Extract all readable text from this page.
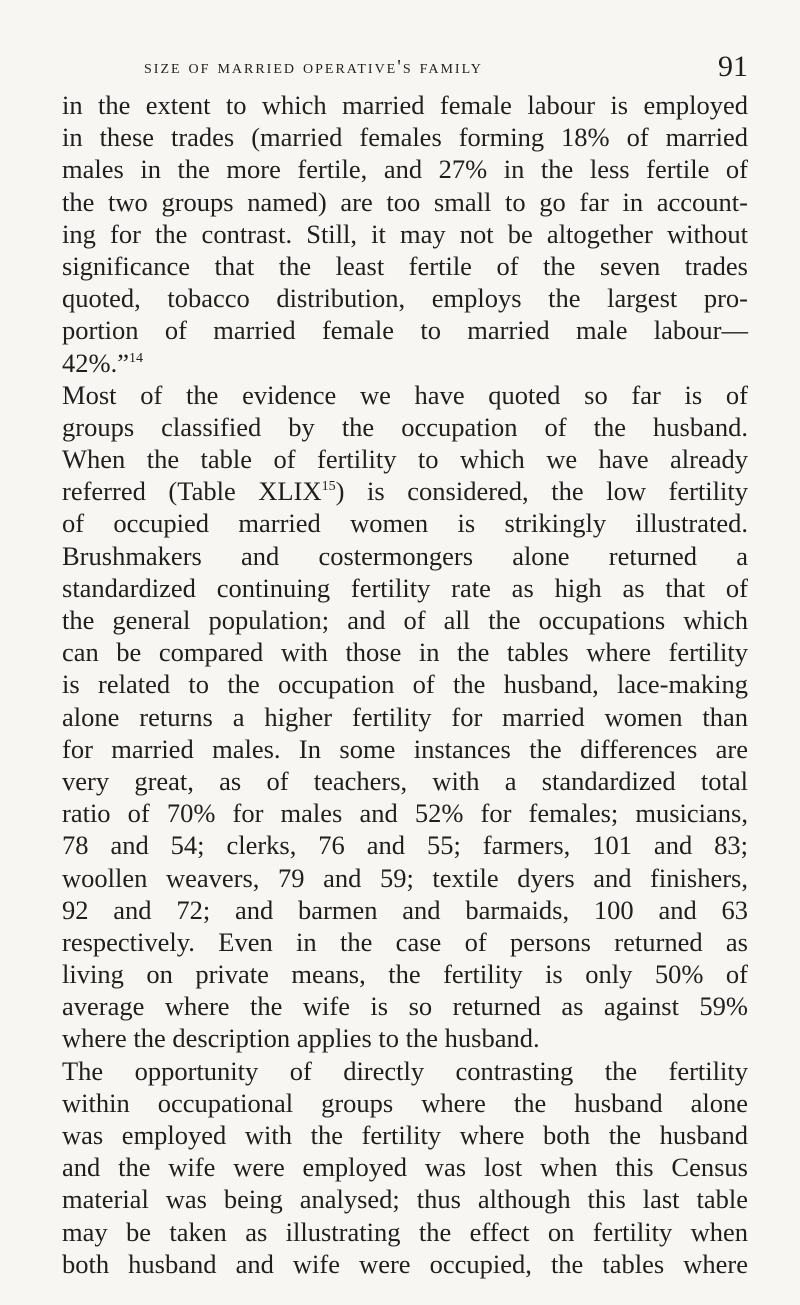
size of married operative's family	91
in the extent to which married female labour is employed
in these trades (married females forming 18% of married
males in the more fertile, and 27% in the less fertile of
the two groups named) are too small to go far in account-
ing for the contrast. Still, it may not be altogether without
significance that the least fertile of the seven trades
quoted, tobacco distribution, employs the largest pro-
portion of married female to married male labour—
42%.”$^{14}$
Most of the evidence we have quoted so far is of
groups classified by the occupation of the husband.
When the table of fertility to which we have already
referred (Table XLIX$^{15}$) is considered, the low fertility
of occupied married women is strikingly illustrated.
Brushmakers and costermongers alone returned a
standardized continuing fertility rate as high as that of
the general population; and of all the occupations which
can be compared with those in the tables where fertility
is related to the occupation of the husband, lace-making
alone returns a higher fertility for married women than
for married males. In some instances the differences are
very great, as of teachers, with a standardized total
ratio of 70% for males and 52% for females; musicians,
78 and 54; clerks, 76 and 55; farmers, 101 and 83;
woollen weavers, 79 and 59; textile dyers and finishers,
92 and 72; and barmen and barmaids, 100 and 63
respectively. Even in the case of persons returned as
living on private means, the fertility is only 50% of
average where the wife is so returned as against 59%
where the description applies to the husband.
The opportunity of directly contrasting the fertility
within occupational groups where the husband alone
was employed with the fertility where both the husband
and the wife were employed was lost when this Census
material was being analysed; thus although this last table
may be taken as illustrating the effect on fertility when
both husband and wife were occupied, the tables where
